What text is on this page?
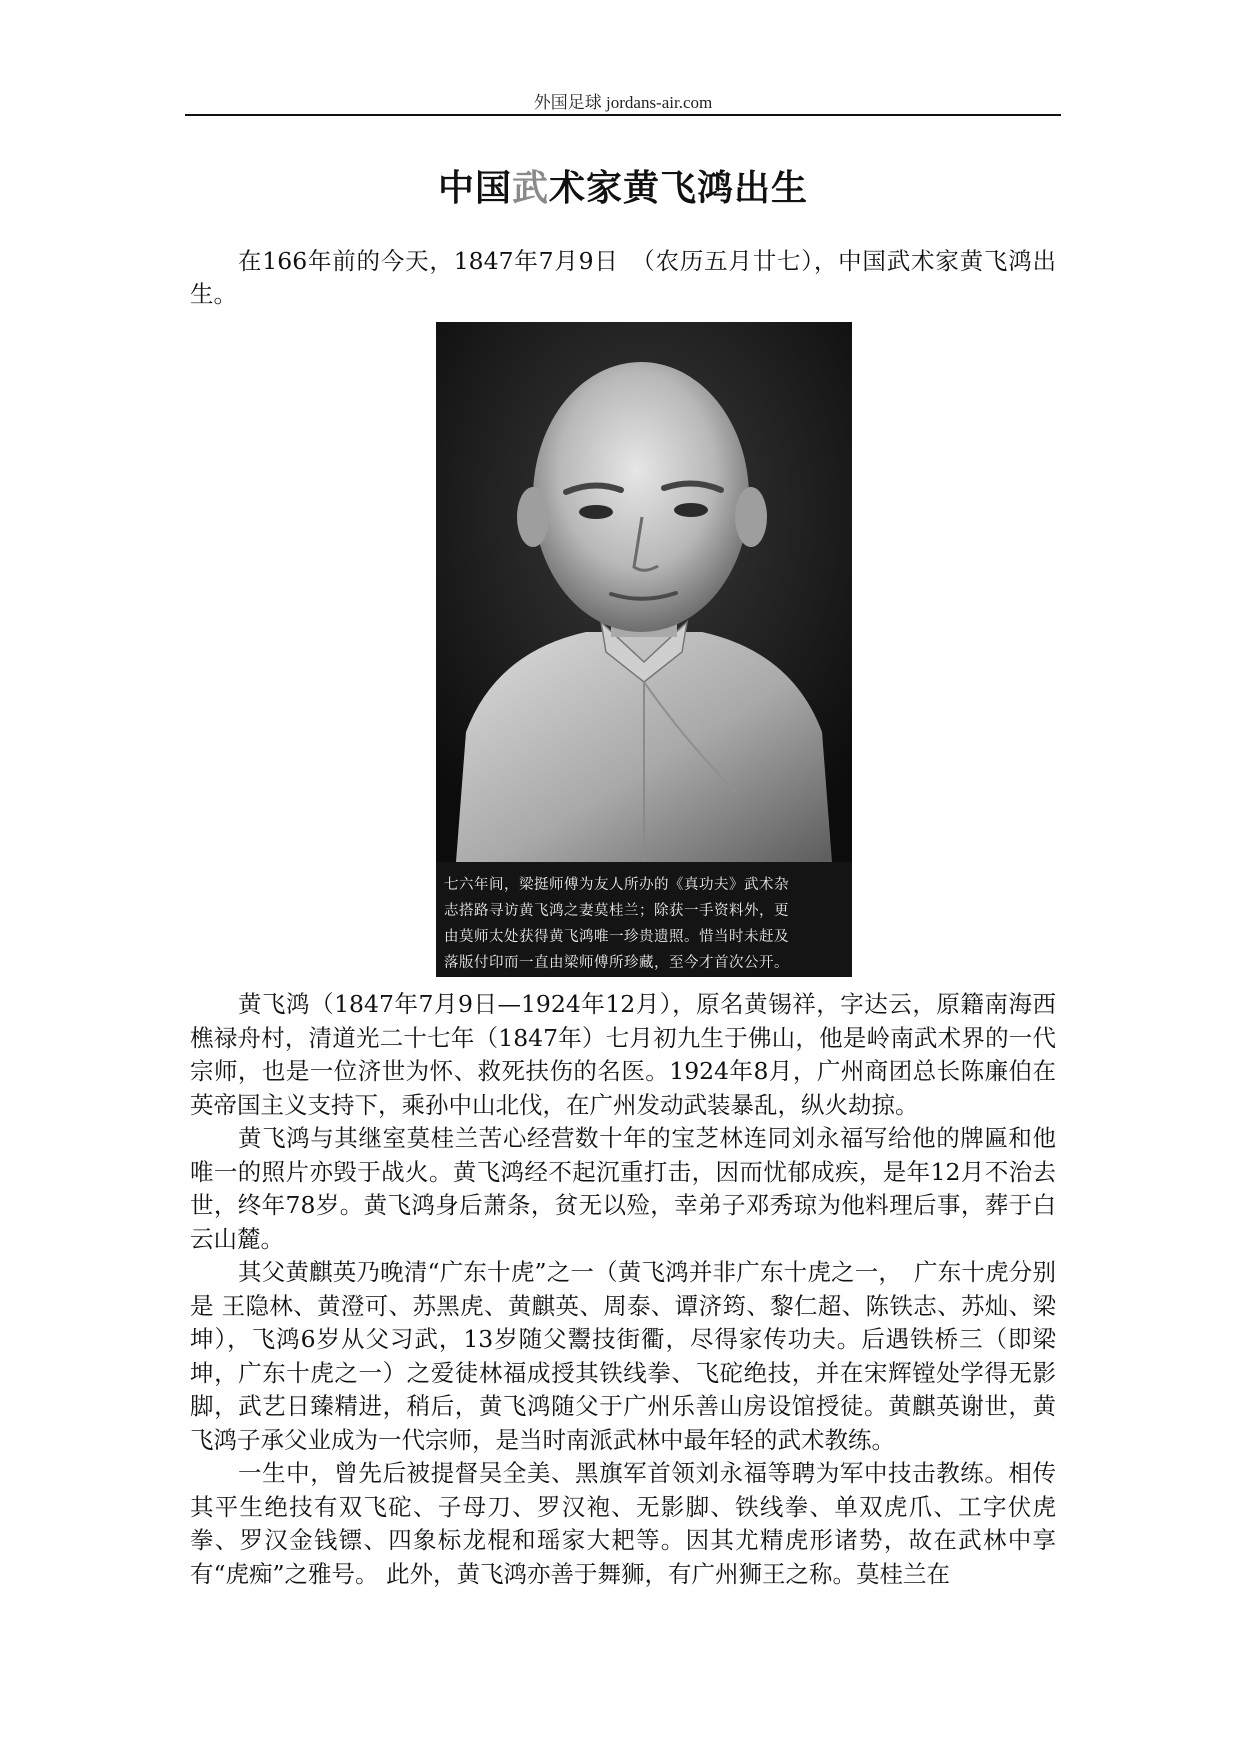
外国足球 jordans-air.com
中国武术家黄飞鸿出生

在166年前的今天，1847年7月9日　（农历五月廿七），中国武术家黄飞鸿出生。

七六年间，梁挺师傅为友人所办的《真功夫》武术杂
志搭路寻访黄飞鸿之妻莫桂兰；除获一手资料外，更
由莫师太处获得黄飞鸿唯一珍贵遗照。惜当时未赶及
落版付印而一直由梁师傅所珍藏，至今才首次公开。

黄飞鸿（1847年7月9日—1924年12月），原名黄锡祥，字达云，原籍南海西樵禄舟村，清道光二十七年（1847年）七月初九生于佛山，他是岭南武术界的一代宗师，也是一位济世为怀、救死扶伤的名医。1924年8月，广州商团总长陈廉伯在英帝国主义支持下，乘孙中山北伐，在广州发动武装暴乱，纵火劫掠。

黄飞鸿与其继室莫桂兰苦心经营数十年的宝芝林连同刘永福写给他的牌匾和他唯一的照片亦毁于战火。黄飞鸿经不起沉重打击，因而忧郁成疾，是年12月不治去世，终年78岁。黄飞鸿身后萧条，贫无以殓，幸弟子邓秀琼为他料理后事，葬于白云山麓。

其父黄麒英乃晚清“广东十虎”之一（黄飞鸿并非广东十虎之一，　广东十虎分别是 王隐林、黄澄可、苏黑虎、黄麒英、周泰、谭济筠、黎仁超、陈铁志、苏灿、梁坤），飞鸿6岁从父习武，13岁随父鬻技街衢，尽得家传功夫。后遇铁桥三（即梁坤，广东十虎之一）之爱徒林福成授其铁线拳、飞砣绝技，并在宋辉镗处学得无影脚，武艺日臻精进，稍后，黄飞鸿随父于广州乐善山房设馆授徒。黄麒英谢世，黄飞鸿子承父业成为一代宗师，是当时南派武林中最年轻的武术教练。

一生中，曾先后被提督吴全美、黑旗军首领刘永福等聘为军中技击教练。相传其平生绝技有双飞砣、子母刀、罗汉袍、无影脚、铁线拳、单双虎爪、工字伏虎拳、罗汉金钱镖、四象标龙棍和瑶家大耙等。因其尤精虎形诸势，故在武林中享有“虎痴”之雅号。 此外，黄飞鸿亦善于舞狮，有广州狮王之称。莫桂兰在
